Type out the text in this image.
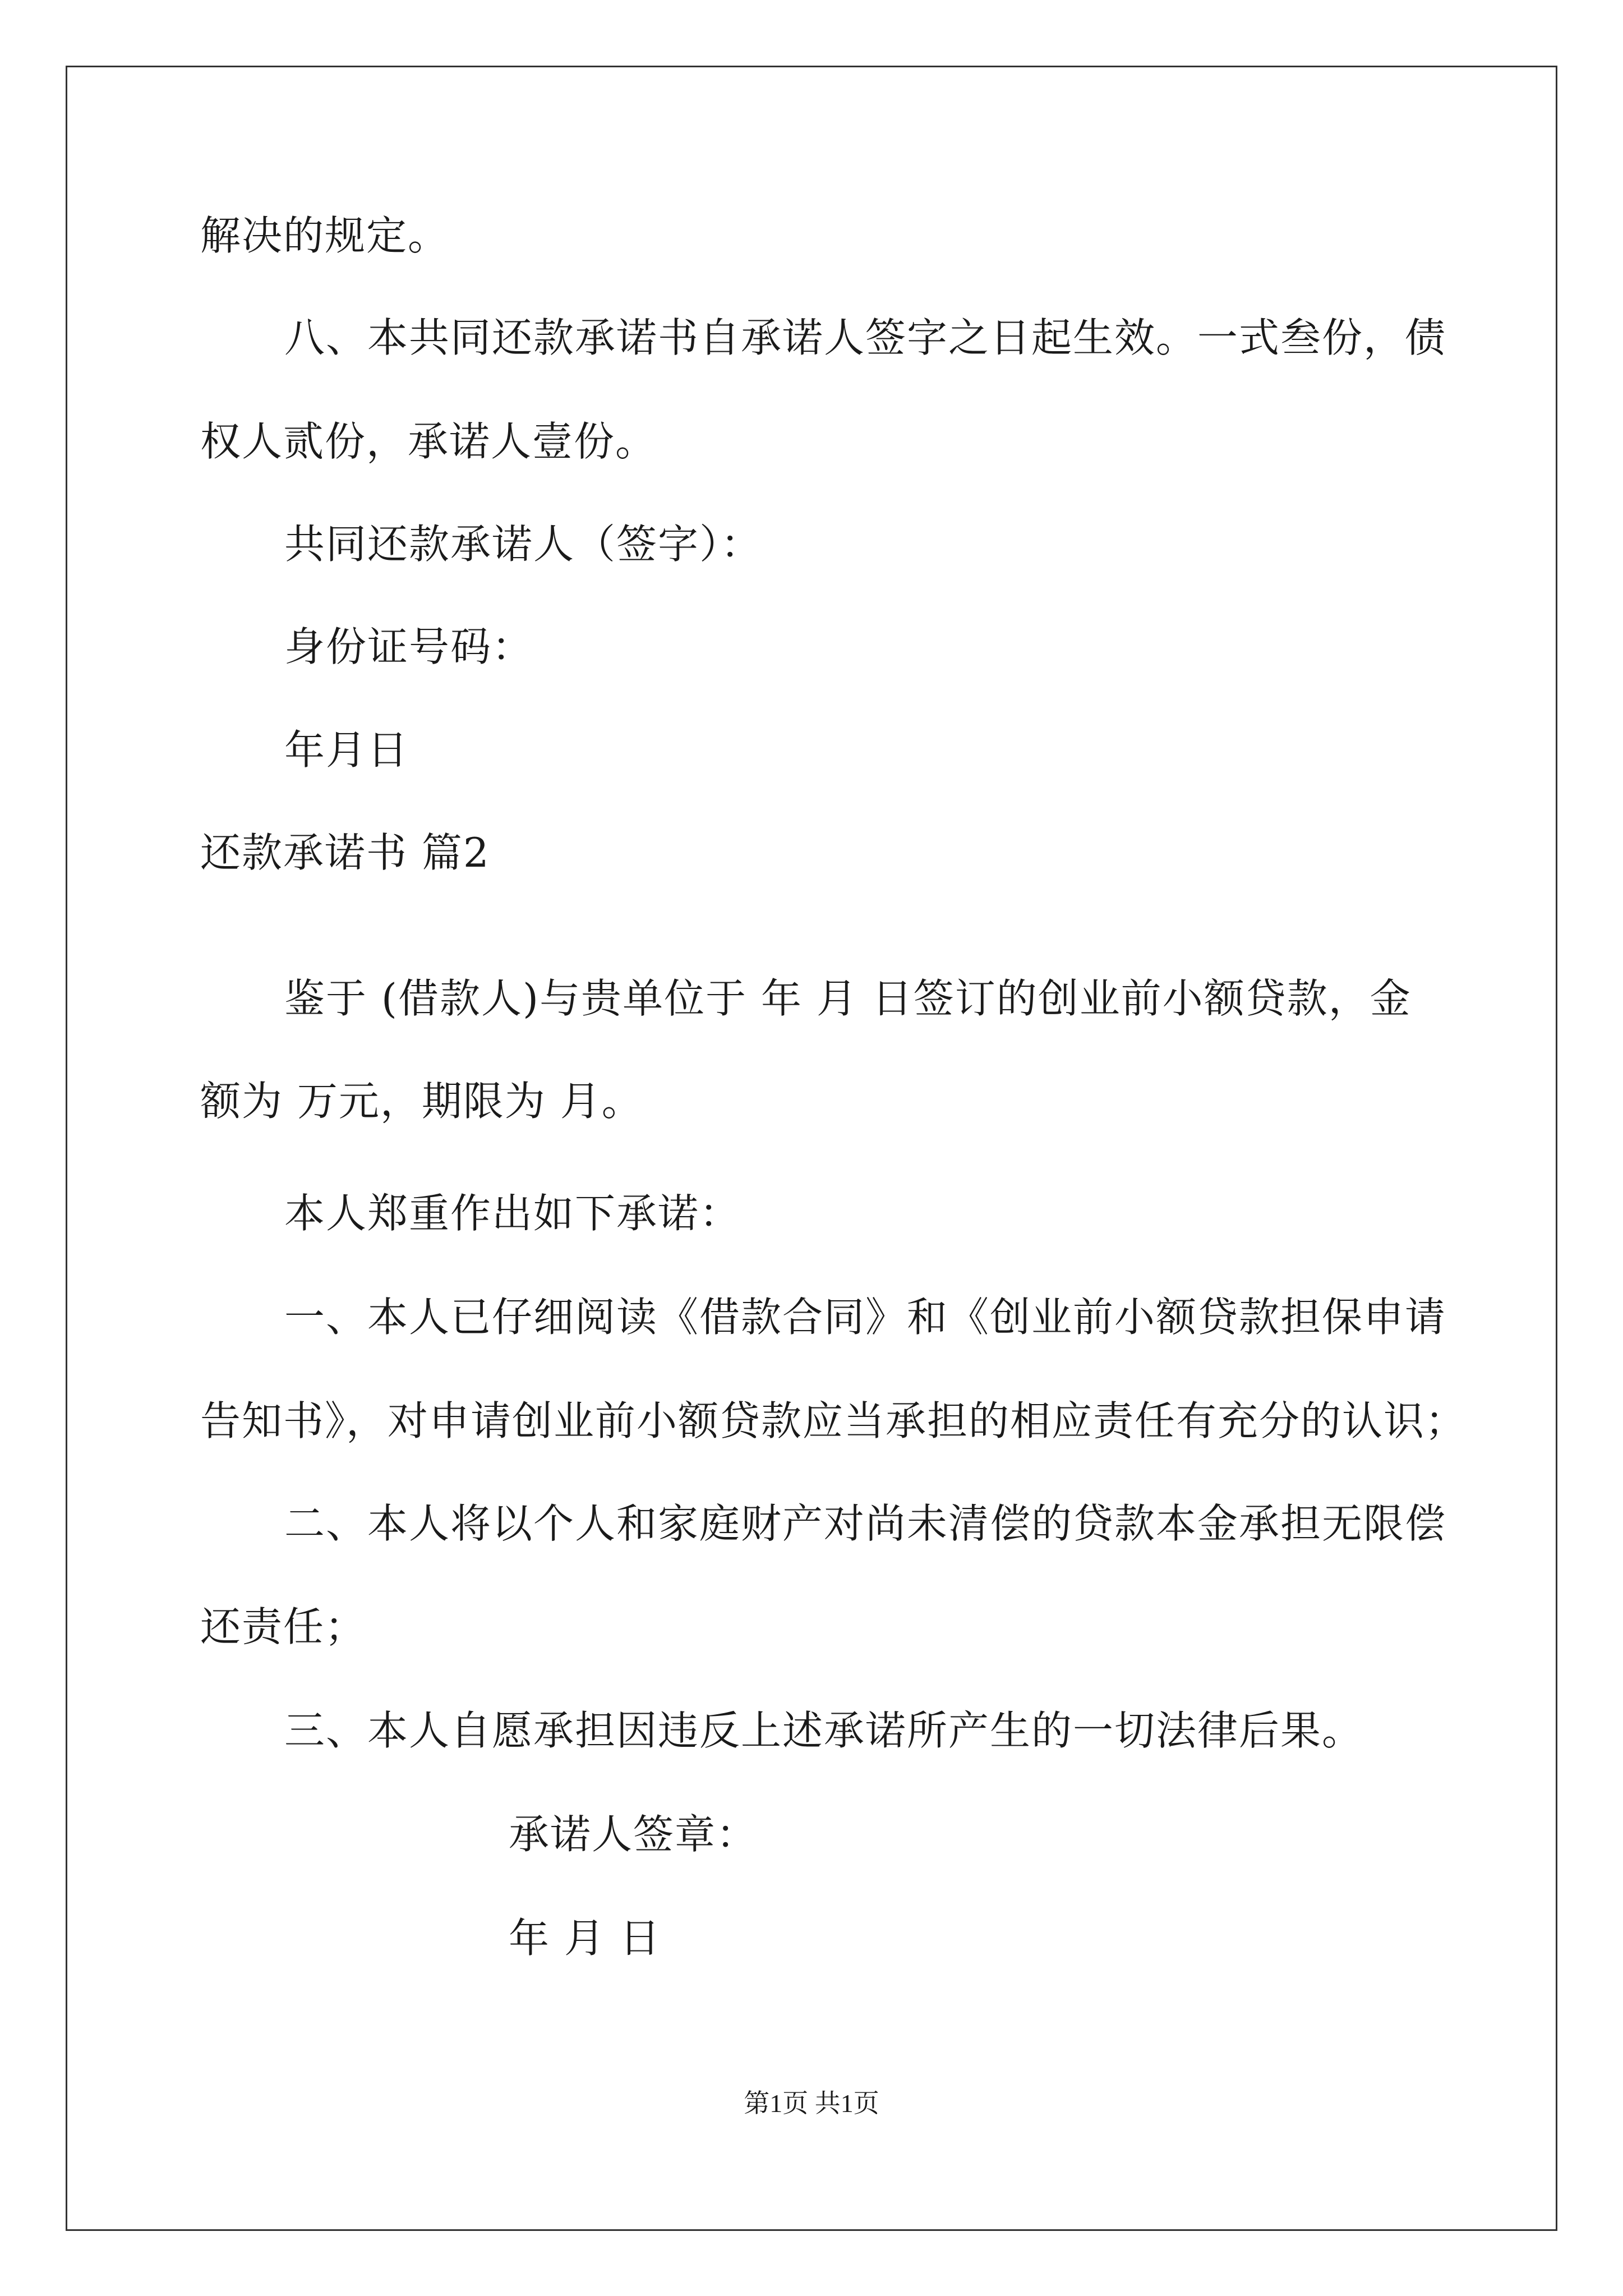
解决的规定。
八、本共同还款承诺书自承诺人签字之日起生效。一式叁份，债
权人贰份，承诺人壹份。
共同还款承诺人（签字）：
身份证号码：
年月日
还款承诺书 篇2
鉴于 (借款人)与贵单位于 年 月 日签订的创业前小额贷款，金
额为 万元，期限为 月。
本人郑重作出如下承诺：
一、本人已仔细阅读《借款合同》和《创业前小额贷款担保申请
告知书》，对申请创业前小额贷款应当承担的相应责任有充分的认识；
二、本人将以个人和家庭财产对尚未清偿的贷款本金承担无限偿
还责任；
三、本人自愿承担因违反上述承诺所产生的一切法律后果。
承诺人签章：
年 月 日
第1页 共1页
